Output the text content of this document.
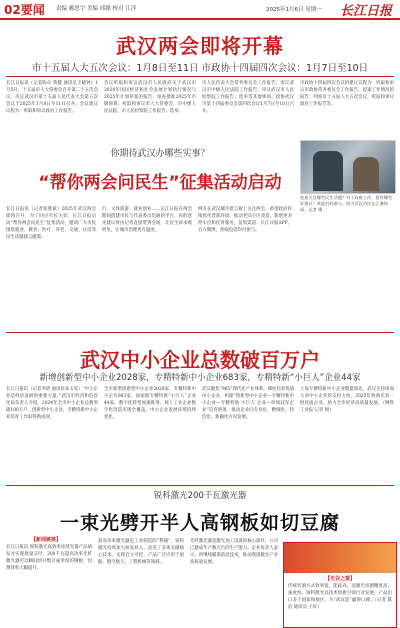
02要闻 责编 赖思宇 美编 邱赣 校对 江洋	2025年1月6日 星期一 长江日报
武汉两会即将开幕
市十五届人大五次会议：1月8日至11日 市政协十四届四次会议：1月7日至10日
长江日报讯（记者陈卓 黄健 通讯员王晓钟）1月5日，十五届市人大常委会召开第二十五次会议，决定武汉市第十五届人民代表大会第五次会议于2025年1月8日至11日召开。会议建议议程为：听取和审议政府工作报告。
会议听取和审议武汉市人民政府关于武汉市2024年国民经济和社会发展计划执行情况与2025年计划草案的报告；审查批准2025年市级预算；听取和审议市人大常委会、市中级人民法院、市人民检察院工作报告；选举。
市人民代表大会常务委员会工作报告；审议武汉市中级人民法院工作报告；审议武汉市人民检察院工作报告；选举等其他事项。政协武汉市第十四届委员会第四次会议1月7日至10日召开。
市政协十四届四次会议的建议议程为：听取和审议市政协常务委员会工作报告、提案工作情况的报告；列席市十五届人大五次会议，听取和审议政府工作报告等。
你期待武汉办哪些实事？
“帮你两会问民生”征集活动启动
长江日报讯（记者张胜斌）2025年武汉两会即将召开，为了回应市民关切，长江日报启动“帮你两会问民生”征集活动，邀请广大市民围绕就业、教育、医疗、养老、交通、住房等民生话题建言献策。
行、文体旅游、就业创业……长江日报在两会期间搭建市民与代表委员沟通的平台，你的意见建议将由记者直接带到会场，让民生诉求被听见，让城市治理更有温度。
网友在武汉城市留言板上关注两会，希望政府持续优化营商环境，推动老旧小区改造，新增更多停车位和托育服务。征集渠道：长江日报APP、官方微博、热线电话均可参与。
您最关注哪些民生话题？对于政府工作，您有哪些好建议？欢迎扫码参与。图为武汉市民在江滩休闲。记者 摄
武汉中小企业总数破百万户
新增创新型中小企业2028家，专精特新中小企业683家，专精特新“小巨人”企业44家
长江日报讯（记者李倩 通讯员朱玉雯）“中小企业是经济发展的重要力量。”武汉市经济和信息化局负责人介绍，2024年全市中小企业总数突破100万户，创新型中小企业、专精特新中小企业培育工作取得新成效。
全市新增创新型中小企业2028家、专精特新中小企业683家、国家级专精特新“小巨人”企业44家。数字化转型加速推进，规上工业企业数字化改造实现全覆盖，中小企业发展环境持续优化。
武汉聚焦“965”现代化产业体系，梯度培育优质中小企业，构建“创新型中小企业—专精特新中小企业—专精特新‘小巨人’企业—单项冠军企业”培育链条，推动企业向专业化、精细化、特色化、新颖化方向发展。
上海专精特新中小企业数量领先，武汉正持续加大对中小企业的支持力度，2025年将新培育一批优质企业，助力全市经济高质量发展。（钢铁工业报 记者 摄）
锐科激光200千瓦激光器
一束光劈开半人高钢板如切豆腐
【新闻链接】
长江日报讯 锐科激光高效率连续光器产品研发并实现批量交付，200千瓦超高功率光纤激光器可以瞬间切开数百毫米厚的钢板，切割效率大幅提升。
超高功率激光器是工业制造的“利器”。锐科激光持续加大研发投入，攻克了多项关键核心技术，实现自主可控，产品广泛应用于船舶、航空航天、工程机械等领域。
光纤激光器是激光加工设备的核心部件，公司已建成年产数万台的生产能力。企业负责人表示，将继续瞄准前沿技术，推动我国激光产业高质量发展。
【光谷之窗】
传统切割方式效率低，能耗高，而激光切割精度高、速度快。锐科激光以技术创新引领行业发展，产品出口多个国家和地区，为“武汉造”赢得口碑。（记者 陈洁 通讯员 王好）
